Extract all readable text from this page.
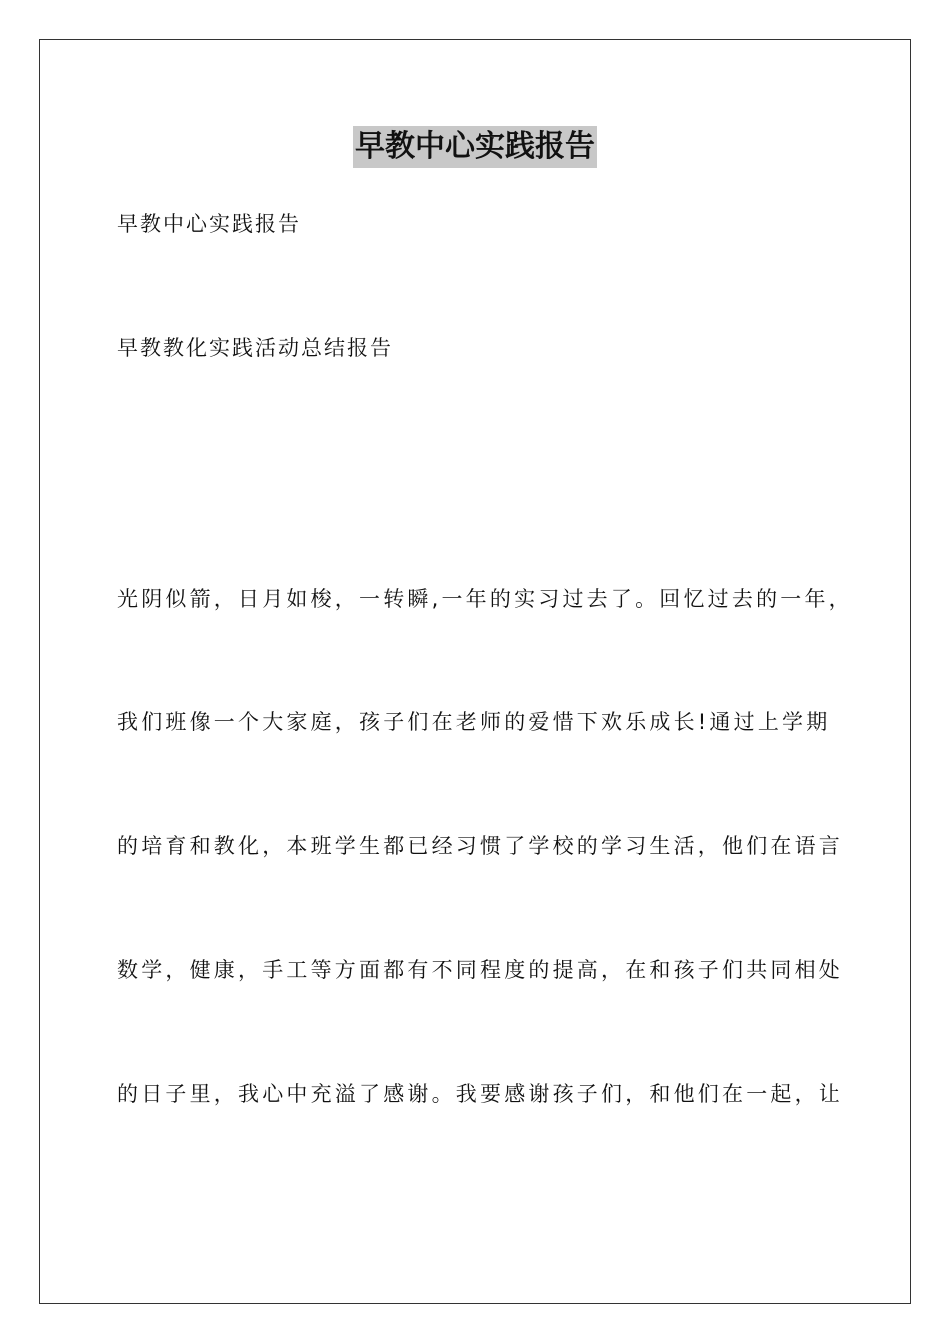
早教中心实践报告
早教中心实践报告
早教教化实践活动总结报告
光阴似箭，日月如梭，一转瞬,一年的实习过去了。回忆过去的一年，
我们班像一个大家庭，孩子们在老师的爱惜下欢乐成长!通过上学期
的培育和教化，本班学生都已经习惯了学校的学习生活，他们在语言
数学，健康，手工等方面都有不同程度的提高，在和孩子们共同相处
的日子里，我心中充溢了感谢。我要感谢孩子们，和他们在一起，让
